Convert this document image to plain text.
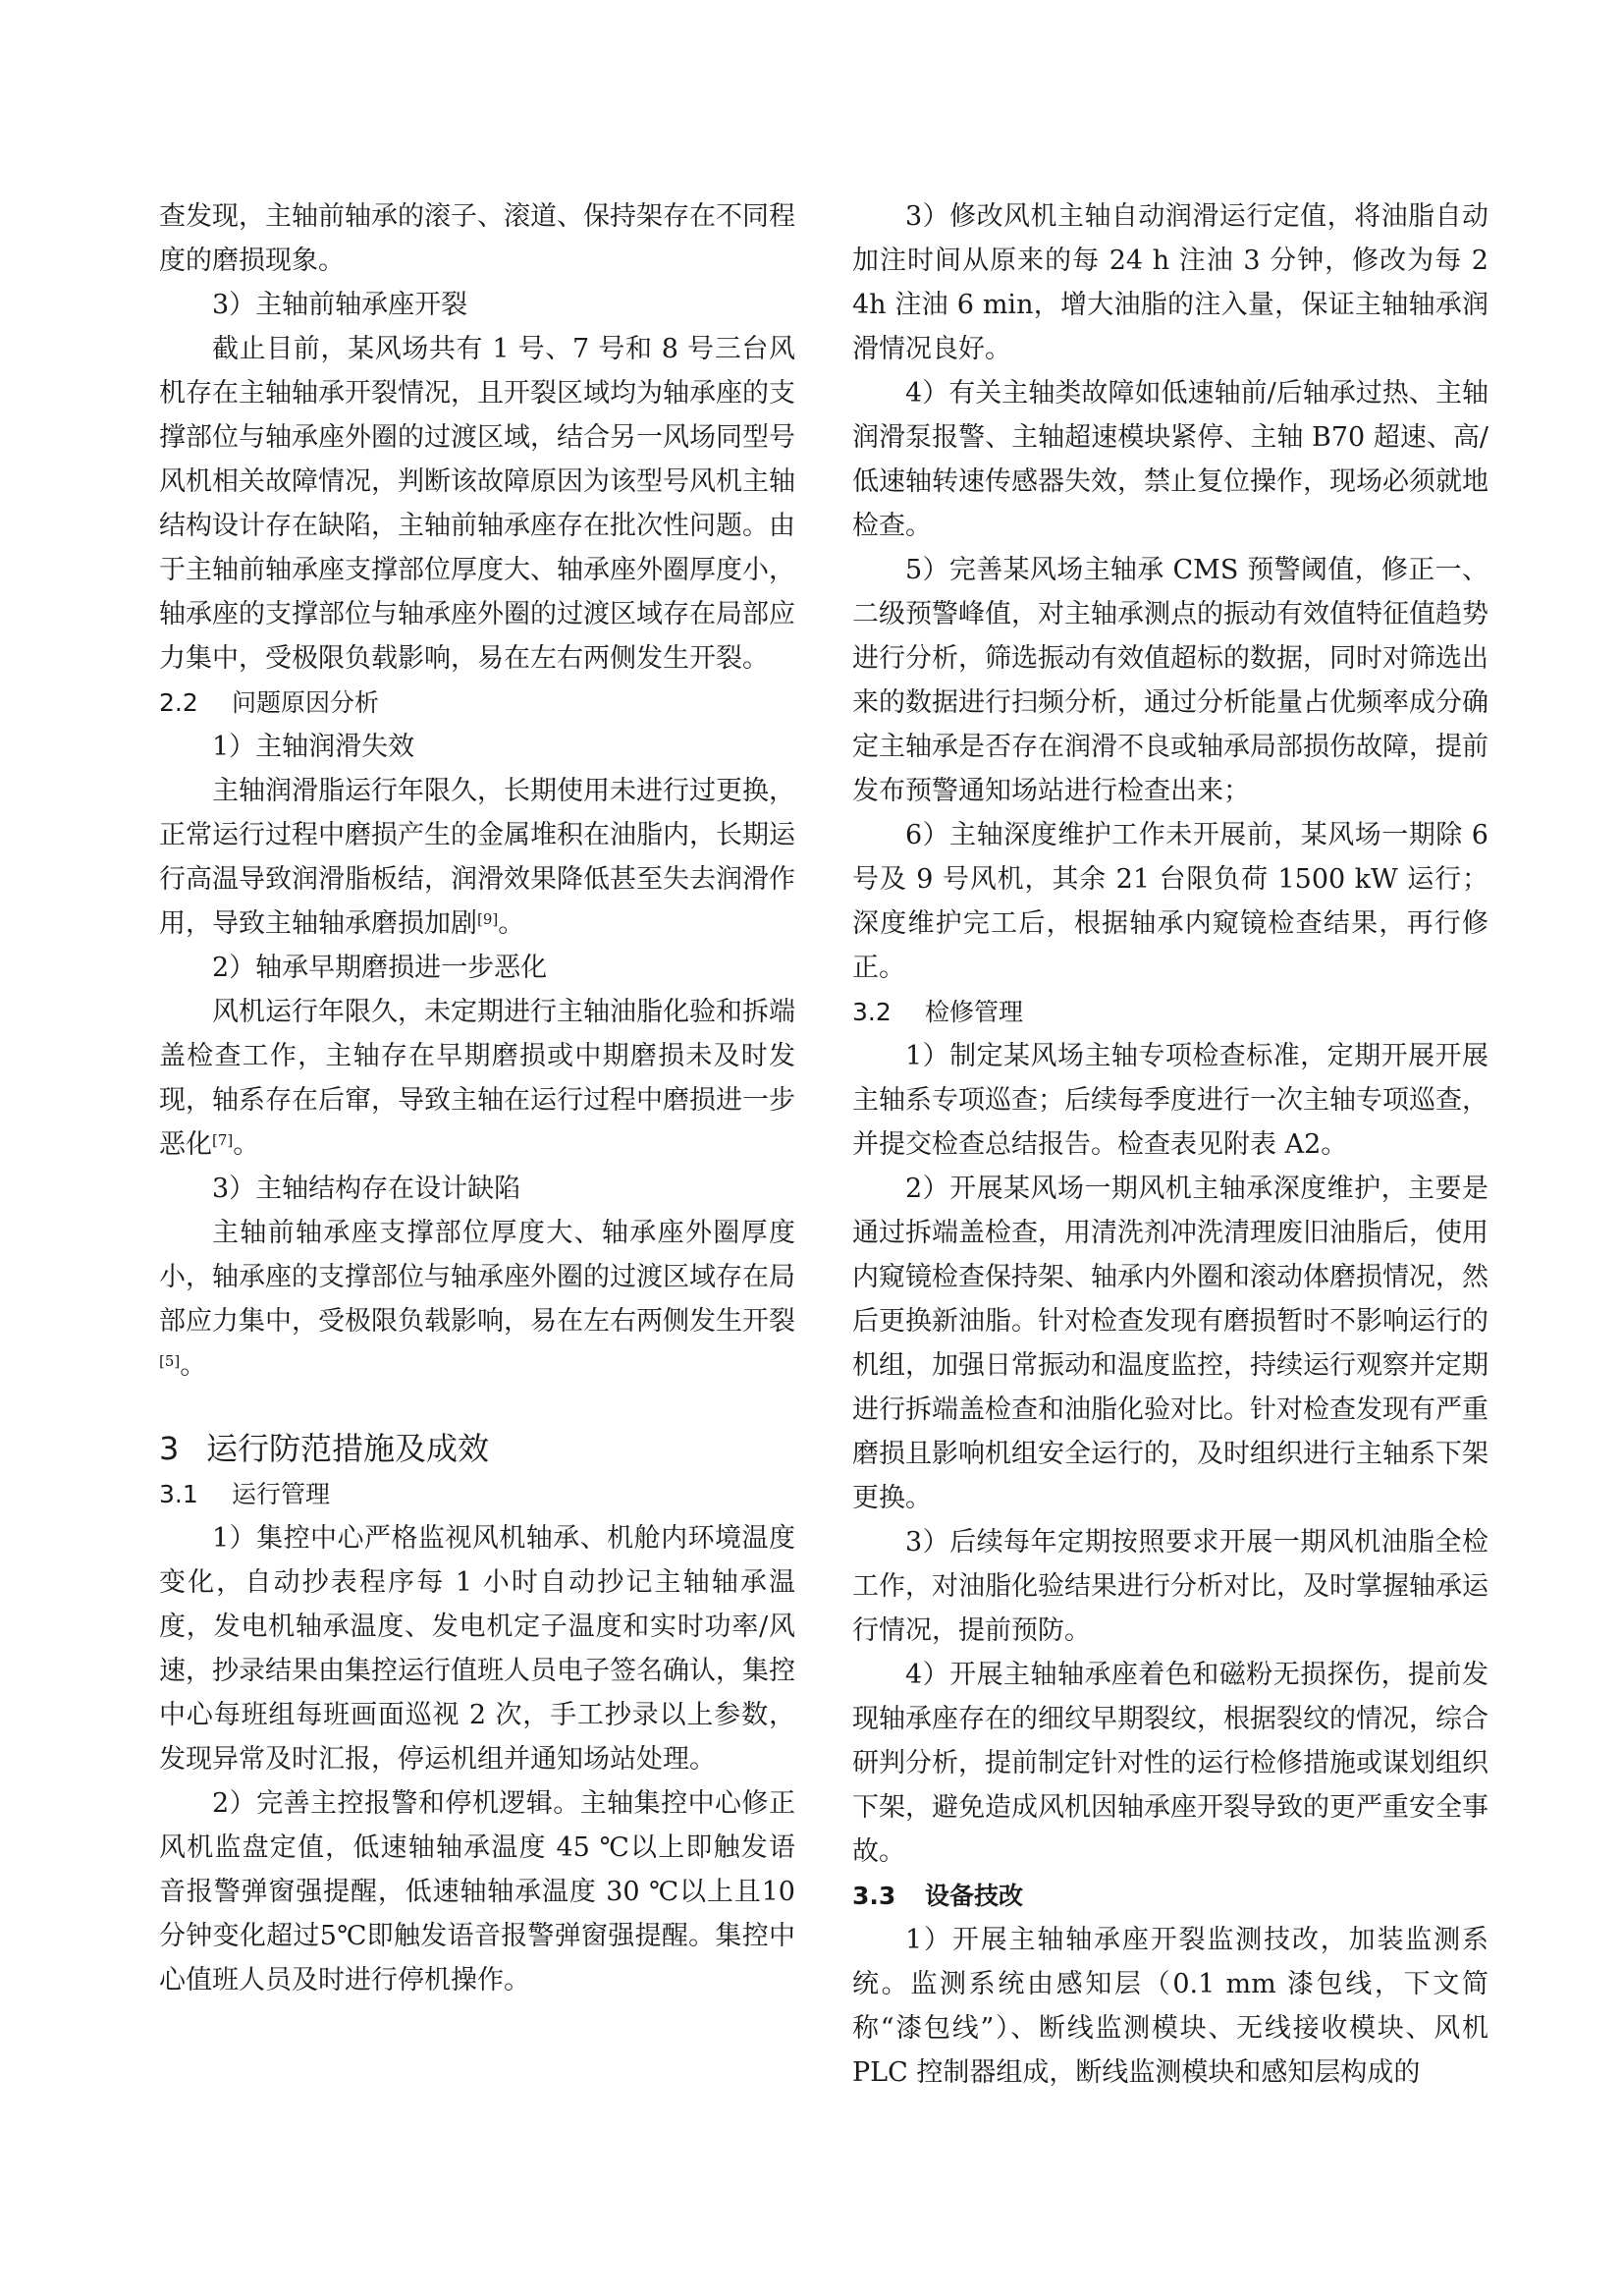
查发现，主轴前轴承的滚子、滚道、保持架存在不同程度的磨损现象。

3）主轴前轴承座开裂

截止目前，某风场共有 1 号、7 号和 8 号三台风机存在主轴轴承开裂情况，且开裂区域均为轴承座的支撑部位与轴承座外圈的过渡区域，结合另一风场同型号风机相关故障情况，判断该故障原因为该型号风机主轴结构设计存在缺陷，主轴前轴承座存在批次性问题。由于主轴前轴承座支撑部位厚度大、轴承座外圈厚度小，轴承座的支撑部位与轴承座外圈的过渡区域存在局部应力集中，受极限负载影响，易在左右两侧发生开裂。

2.2 问题原因分析

1）主轴润滑失效

主轴润滑脂运行年限久，长期使用未进行过更换，正常运行过程中磨损产生的金属堆积在油脂内，长期运行高温导致润滑脂板结，润滑效果降低甚至失去润滑作用，导致主轴轴承磨损加剧[9]。

2）轴承早期磨损进一步恶化

风机运行年限久，未定期进行主轴油脂化验和拆端盖检查工作，主轴存在早期磨损或中期磨损未及时发现，轴系存在后窜，导致主轴在运行过程中磨损进一步恶化[7]。

3）主轴结构存在设计缺陷

主轴前轴承座支撑部位厚度大、轴承座外圈厚度小，轴承座的支撑部位与轴承座外圈的过渡区域存在局部应力集中，受极限负载影响，易在左右两侧发生开裂[5]。

3 运行防范措施及成效

3.1 运行管理

1）集控中心严格监视风机轴承、机舱内环境温度变化，自动抄表程序每 1 小时自动抄记主轴轴承温度，发电机轴承温度、发电机定子温度和实时功率/风速，抄录结果由集控运行值班人员电子签名确认，集控中心每班组每班画面巡视 2 次，手工抄录以上参数，发现异常及时汇报，停运机组并通知场站处理。

2）完善主控报警和停机逻辑。主轴集控中心修正风机监盘定值，低速轴轴承温度 45 ℃以上即触发语音报警弹窗强提醒，低速轴轴承温度 30 ℃以上且10分钟变化超过5℃即触发语音报警弹窗强提醒。集控中心值班人员及时进行停机操作。

3）修改风机主轴自动润滑运行定值，将油脂自动加注时间从原来的每 24 h 注油 3 分钟，修改为每 2 4h 注油 6 min，增大油脂的注入量，保证主轴轴承润滑情况良好。

4）有关主轴类故障如低速轴前/后轴承过热、主轴润滑泵报警、主轴超速模块紧停、主轴 B70 超速、高/低速轴转速传感器失效，禁止复位操作，现场必须就地检查。

5）完善某风场主轴承 CMS 预警阈值，修正一、二级预警峰值，对主轴承测点的振动有效值特征值趋势进行分析，筛选振动有效值超标的数据，同时对筛选出来的数据进行扫频分析，通过分析能量占优频率成分确定主轴承是否存在润滑不良或轴承局部损伤故障，提前发布预警通知场站进行检查出来；

6）主轴深度维护工作未开展前，某风场一期除 6 号及 9 号风机，其余 21 台限负荷 1500 kW 运行；深度维护完工后，根据轴承内窥镜检查结果，再行修正。

3.2 检修管理

1）制定某风场主轴专项检查标准，定期开展开展主轴系专项巡查；后续每季度进行一次主轴专项巡查，并提交检查总结报告。检查表见附表 A2。

2）开展某风场一期风机主轴承深度维护，主要是通过拆端盖检查，用清洗剂冲洗清理废旧油脂后，使用内窥镜检查保持架、轴承内外圈和滚动体磨损情况，然后更换新油脂。针对检查发现有磨损暂时不影响运行的机组，加强日常振动和温度监控，持续运行观察并定期进行拆端盖检查和油脂化验对比。针对检查发现有严重磨损且影响机组安全运行的，及时组织进行主轴系下架更换。

3）后续每年定期按照要求开展一期风机油脂全检工作，对油脂化验结果进行分析对比，及时掌握轴承运行情况，提前预防。

4）开展主轴轴承座着色和磁粉无损探伤，提前发现轴承座存在的细纹早期裂纹，根据裂纹的情况，综合研判分析，提前制定针对性的运行检修措施或谋划组织下架，避免造成风机因轴承座开裂导致的更严重安全事故。

3.3 设备技改

1）开展主轴轴承座开裂监测技改，加装监测系统。监测系统由感知层（0.1 mm 漆包线，下文简称“漆包线”）、断线监测模块、无线接收模块、风机 PLC 控制器组成，断线监测模块和感知层构成的
